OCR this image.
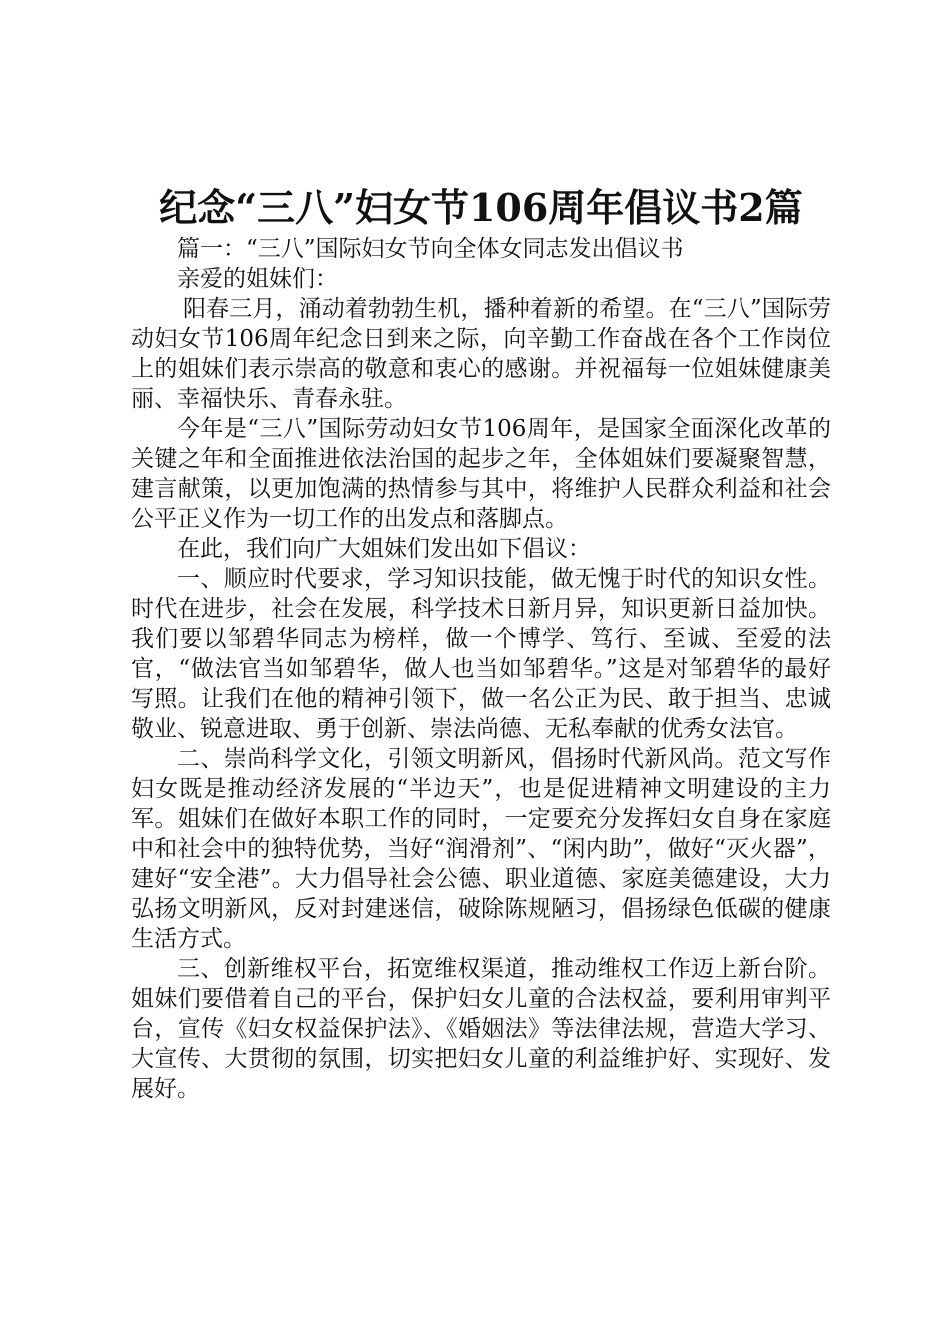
纪念“三八”妇女节106周年倡议书2篇

篇一：“三八”国际妇女节向全体女同志发出倡议书

亲爱的姐妹们：

阳春三月，涌动着勃勃生机，播种着新的希望。在“三八”国际劳动妇女节106周年纪念日到来之际，向辛勤工作奋战在各个工作岗位上的姐妹们表示崇高的敬意和衷心的感谢。并祝福每一位姐妹健康美丽、幸福快乐、青春永驻。

今年是“三八”国际劳动妇女节106周年，是国家全面深化改革的关键之年和全面推进依法治国的起步之年，全体姐妹们要凝聚智慧，建言献策，以更加饱满的热情参与其中，将维护人民群众利益和社会公平正义作为一切工作的出发点和落脚点。

在此，我们向广大姐妹们发出如下倡议：

一、顺应时代要求，学习知识技能，做无愧于时代的知识女性。时代在进步，社会在发展，科学技术日新月异，知识更新日益加快。我们要以邹碧华同志为榜样，做一个博学、笃行、至诚、至爱的法官，“做法官当如邹碧华，做人也当如邹碧华。”这是对邹碧华的最好写照。让我们在他的精神引领下，做一名公正为民、敢于担当、忠诚敬业、锐意进取、勇于创新、崇法尚德、无私奉献的优秀女法官。

二、崇尚科学文化，引领文明新风，倡扬时代新风尚。范文写作妇女既是推动经济发展的“半边天”，也是促进精神文明建设的主力军。姐妹们在做好本职工作的同时，一定要充分发挥妇女自身在家庭中和社会中的独特优势，当好“润滑剂”、“闲内助”，做好“灭火器”，建好“安全港”。大力倡导社会公德、职业道德、家庭美德建设，大力弘扬文明新风，反对封建迷信，破除陈规陋习，倡扬绿色低碳的健康生活方式。

三、创新维权平台，拓宽维权渠道，推动维权工作迈上新台阶。姐妹们要借着自己的平台，保护妇女儿童的合法权益，要利用审判平台，宣传《妇女权益保护法》、《婚姻法》等法律法规，营造大学习、大宣传、大贯彻的氛围，切实把妇女儿童的利益维护好、实现好、发展好。
